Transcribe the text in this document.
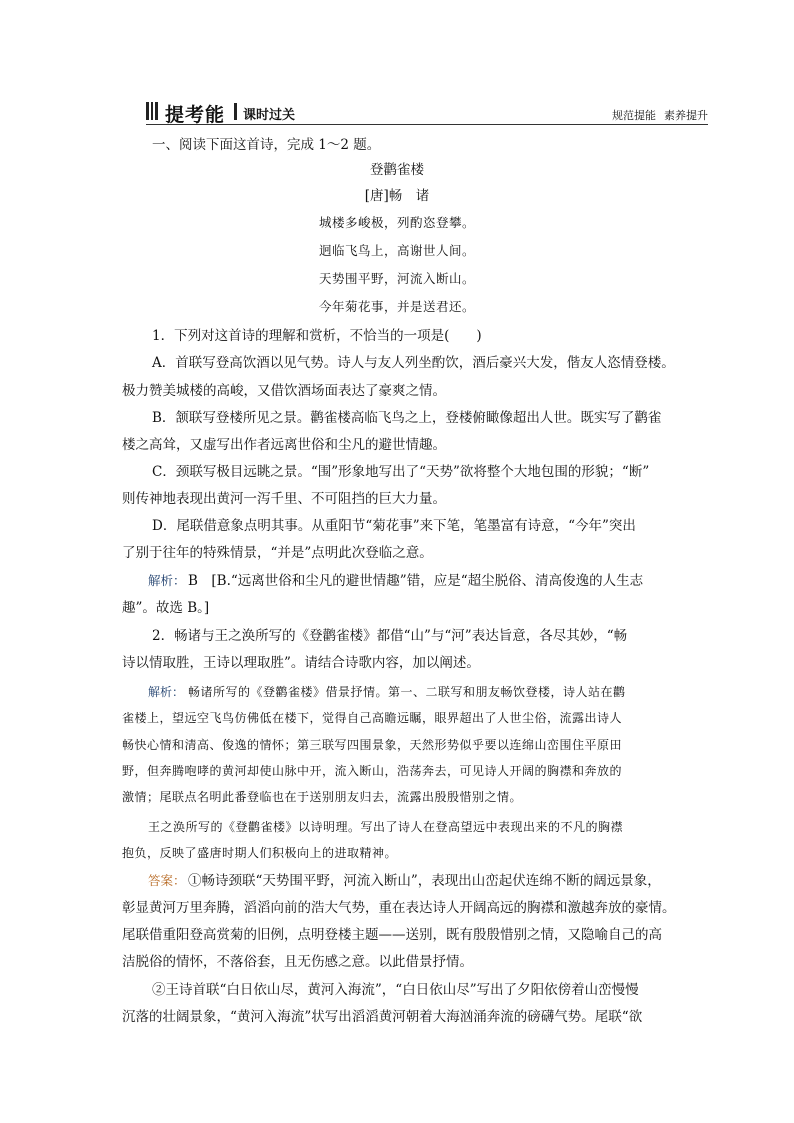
提考能 课时过关	规范提能 素养提升
一、阅读下面这首诗，完成 1～2 题。
登鹳雀楼
[唐]畅　诸
城楼多峻极，列酌恣登攀。
迥临飞鸟上，高谢世人间。
天势围平野，河流入断山。
今年菊花事，并是送君还。
1．下列对这首诗的理解和赏析，不恰当的一项是(　　)
A．首联写登高饮酒以见气势。诗人与友人列坐酌饮，酒后豪兴大发，偕友人恣情登楼。
极力赞美城楼的高峻，又借饮酒场面表达了豪爽之情。
B．颔联写登楼所见之景。鹳雀楼高临飞鸟之上，登楼俯瞰像超出人世。既实写了鹳雀
楼之高耸，又虚写出作者远离世俗和尘凡的避世情趣。
C．颈联写极目远眺之景。“围”形象地写出了“天势”欲将整个大地包围的形貌；“断”
则传神地表现出黄河一泻千里、不可阻挡的巨大力量。
D．尾联借意象点明其事。从重阳节“菊花事”来下笔，笔墨富有诗意，“今年”突出
了别于往年的特殊情景，“并是”点明此次登临之意。
解析： B　[B.“远离世俗和尘凡的避世情趣”错，应是“超尘脱俗、清高俊逸的人生志
趣”。故选 B。]
2．畅诸与王之涣所写的《登鹳雀楼》都借“山”与“河”表达旨意，各尽其妙，“畅
诗以情取胜，王诗以理取胜”。请结合诗歌内容，加以阐述。
解析： 畅诸所写的《登鹳雀楼》借景抒情。第一、二联写和朋友畅饮登楼，诗人站在鹳
雀楼上，望远空飞鸟仿佛低在楼下，觉得自己高瞻远瞩，眼界超出了人世尘俗，流露出诗人
畅快心情和清高、俊逸的情怀；第三联写四围景象，天然形势似乎要以连绵山峦围住平原田
野，但奔腾咆哮的黄河却使山脉中开，流入断山，浩荡奔去，可见诗人开阔的胸襟和奔放的
激情；尾联点名明此番登临也在于送别朋友归去，流露出殷殷惜别之情。
王之涣所写的《登鹳雀楼》以诗明理。写出了诗人在登高望远中表现出来的不凡的胸襟
抱负，反映了盛唐时期人们积极向上的进取精神。
答案： ①畅诗颈联“天势围平野，河流入断山”，表现出山峦起伏连绵不断的阔远景象，
彰显黄河万里奔腾，滔滔向前的浩大气势，重在表达诗人开阔高远的胸襟和激越奔放的豪情。
尾联借重阳登高赏菊的旧例，点明登楼主题——送别，既有殷殷惜别之情，又隐喻自己的高
洁脱俗的情怀，不落俗套，且无伤感之意。以此借景抒情。
②王诗首联“白日依山尽，黄河入海流”，“白日依山尽”写出了夕阳依傍着山峦慢慢
沉落的壮阔景象，“黄河入海流”状写出滔滔黄河朝着大海汹涌奔流的磅礴气势。尾联“欲
